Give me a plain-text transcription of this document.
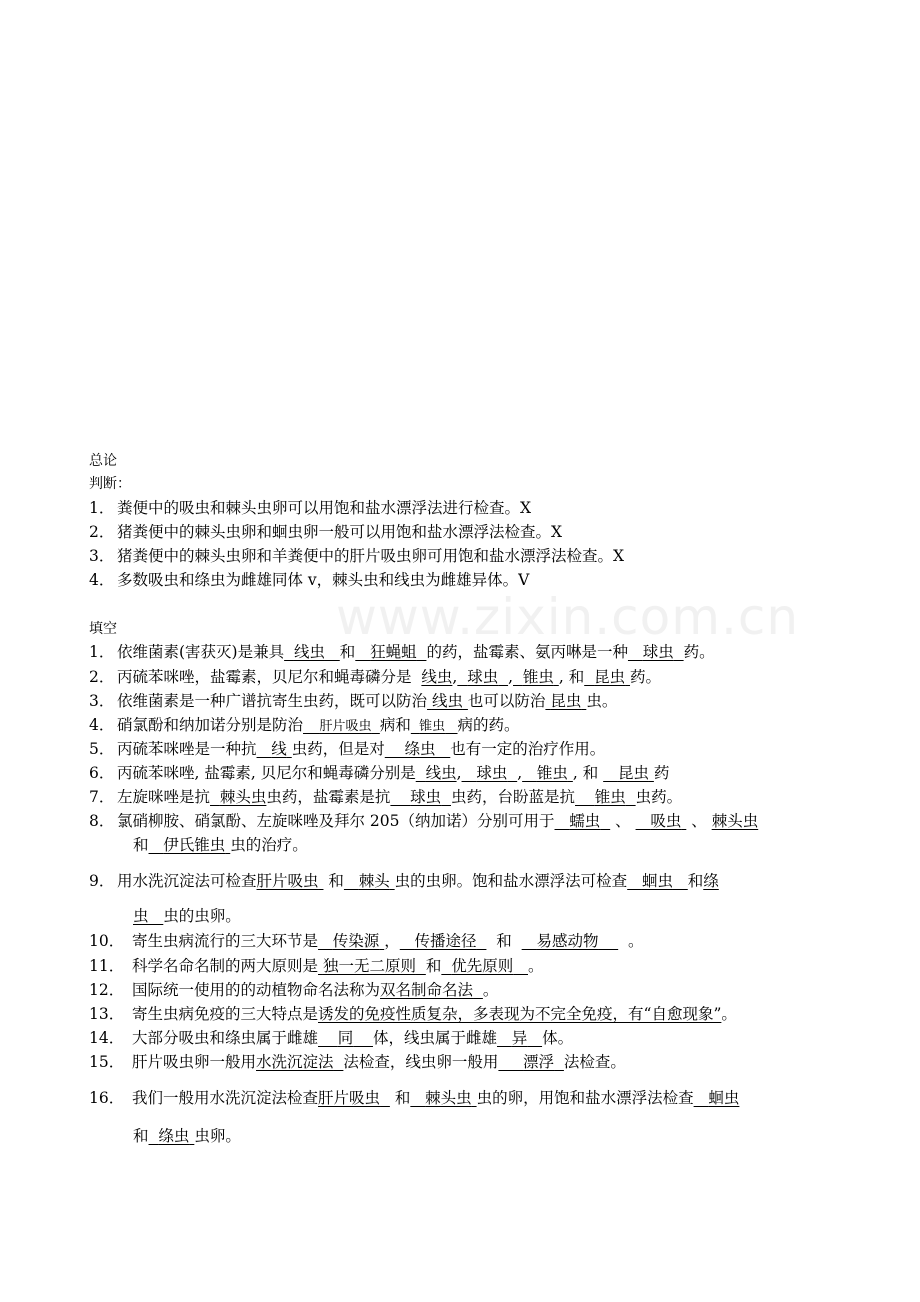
www.zixin.com.cn
总论
判断：
1． 粪便中的吸虫和棘头虫卵可以用饱和盐水漂浮法进行检查。X
2． 猪粪便中的棘头虫卵和蛔虫卵一般可以用饱和盐水漂浮法检查。X
3． 猪粪便中的棘头虫卵和羊粪便中的肝片吸虫卵可用饱和盐水漂浮法检查。X
4． 多数吸虫和绦虫为雌雄同体 v，棘头虫和线虫为雌雄异体。V
填空
1． 依维菌素(害获灭)是兼具 线虫 和 狂蝇蛆 的药，盐霉素、氨丙啉是一种 球虫 药。
2． 丙硫苯咪唑，盐霉素，贝尼尔和蝇毒磷分是 线虫, 球虫 , 锥虫 , 和 昆虫 药。
3． 依维菌素是一种广谱抗寄生虫药，既可以防治 线虫 也可以防治 昆虫 虫。
4． 硝氯酚和纳加诺分别是防治 肝片吸虫 病和 锥虫 病的药。
5． 丙硫苯咪唑是一种抗 线 虫药，但是对 绦虫 也有一定的治疗作用。
6． 丙硫苯咪唑, 盐霉素, 贝尼尔和蝇毒磷分别是 线虫, 球虫 , 锥虫 , 和 昆虫 药
7． 左旋咪唑是抗 棘头虫虫药，盐霉素是抗 球虫 虫药，台盼蓝是抗 锥虫 虫药。
8． 氯硝柳胺、硝氯酚、左旋咪唑及拜尔 205（纳加诺）分别可用于 蠕虫 、 吸虫 、 棘头虫
和 伊氏锥虫 虫的治疗。
9． 用水洗沉淀法可检查肝片吸虫 和 棘头 虫的虫卵。饱和盐水漂浮法可检查 蛔虫 和绦
虫 虫的虫卵。
10． 寄生虫病流行的三大环节是 传染源 ， 传播途径 和 易感动物 。
11． 科学名命名制的两大原则是 独一无二原则 和 优先原则 。
12． 国际统一使用的的动植物命名法称为双名制命名法 。
13． 寄生虫病免疫的三大特点是诱发的免疫性质复杂，多表现为不完全免疫，有“自愈现象”。
14． 大部分吸虫和绦虫属于雌雄 同 体，线虫属于雌雄 异 体。
15． 肝片吸虫卵一般用水洗沉淀法 法检查，线虫卵一般用 漂浮 法检查。
16． 我们一般用水洗沉淀法检查肝片吸虫 和 棘头虫 虫的卵，用饱和盐水漂浮法检查 蛔虫
和 绦虫 虫卵。
